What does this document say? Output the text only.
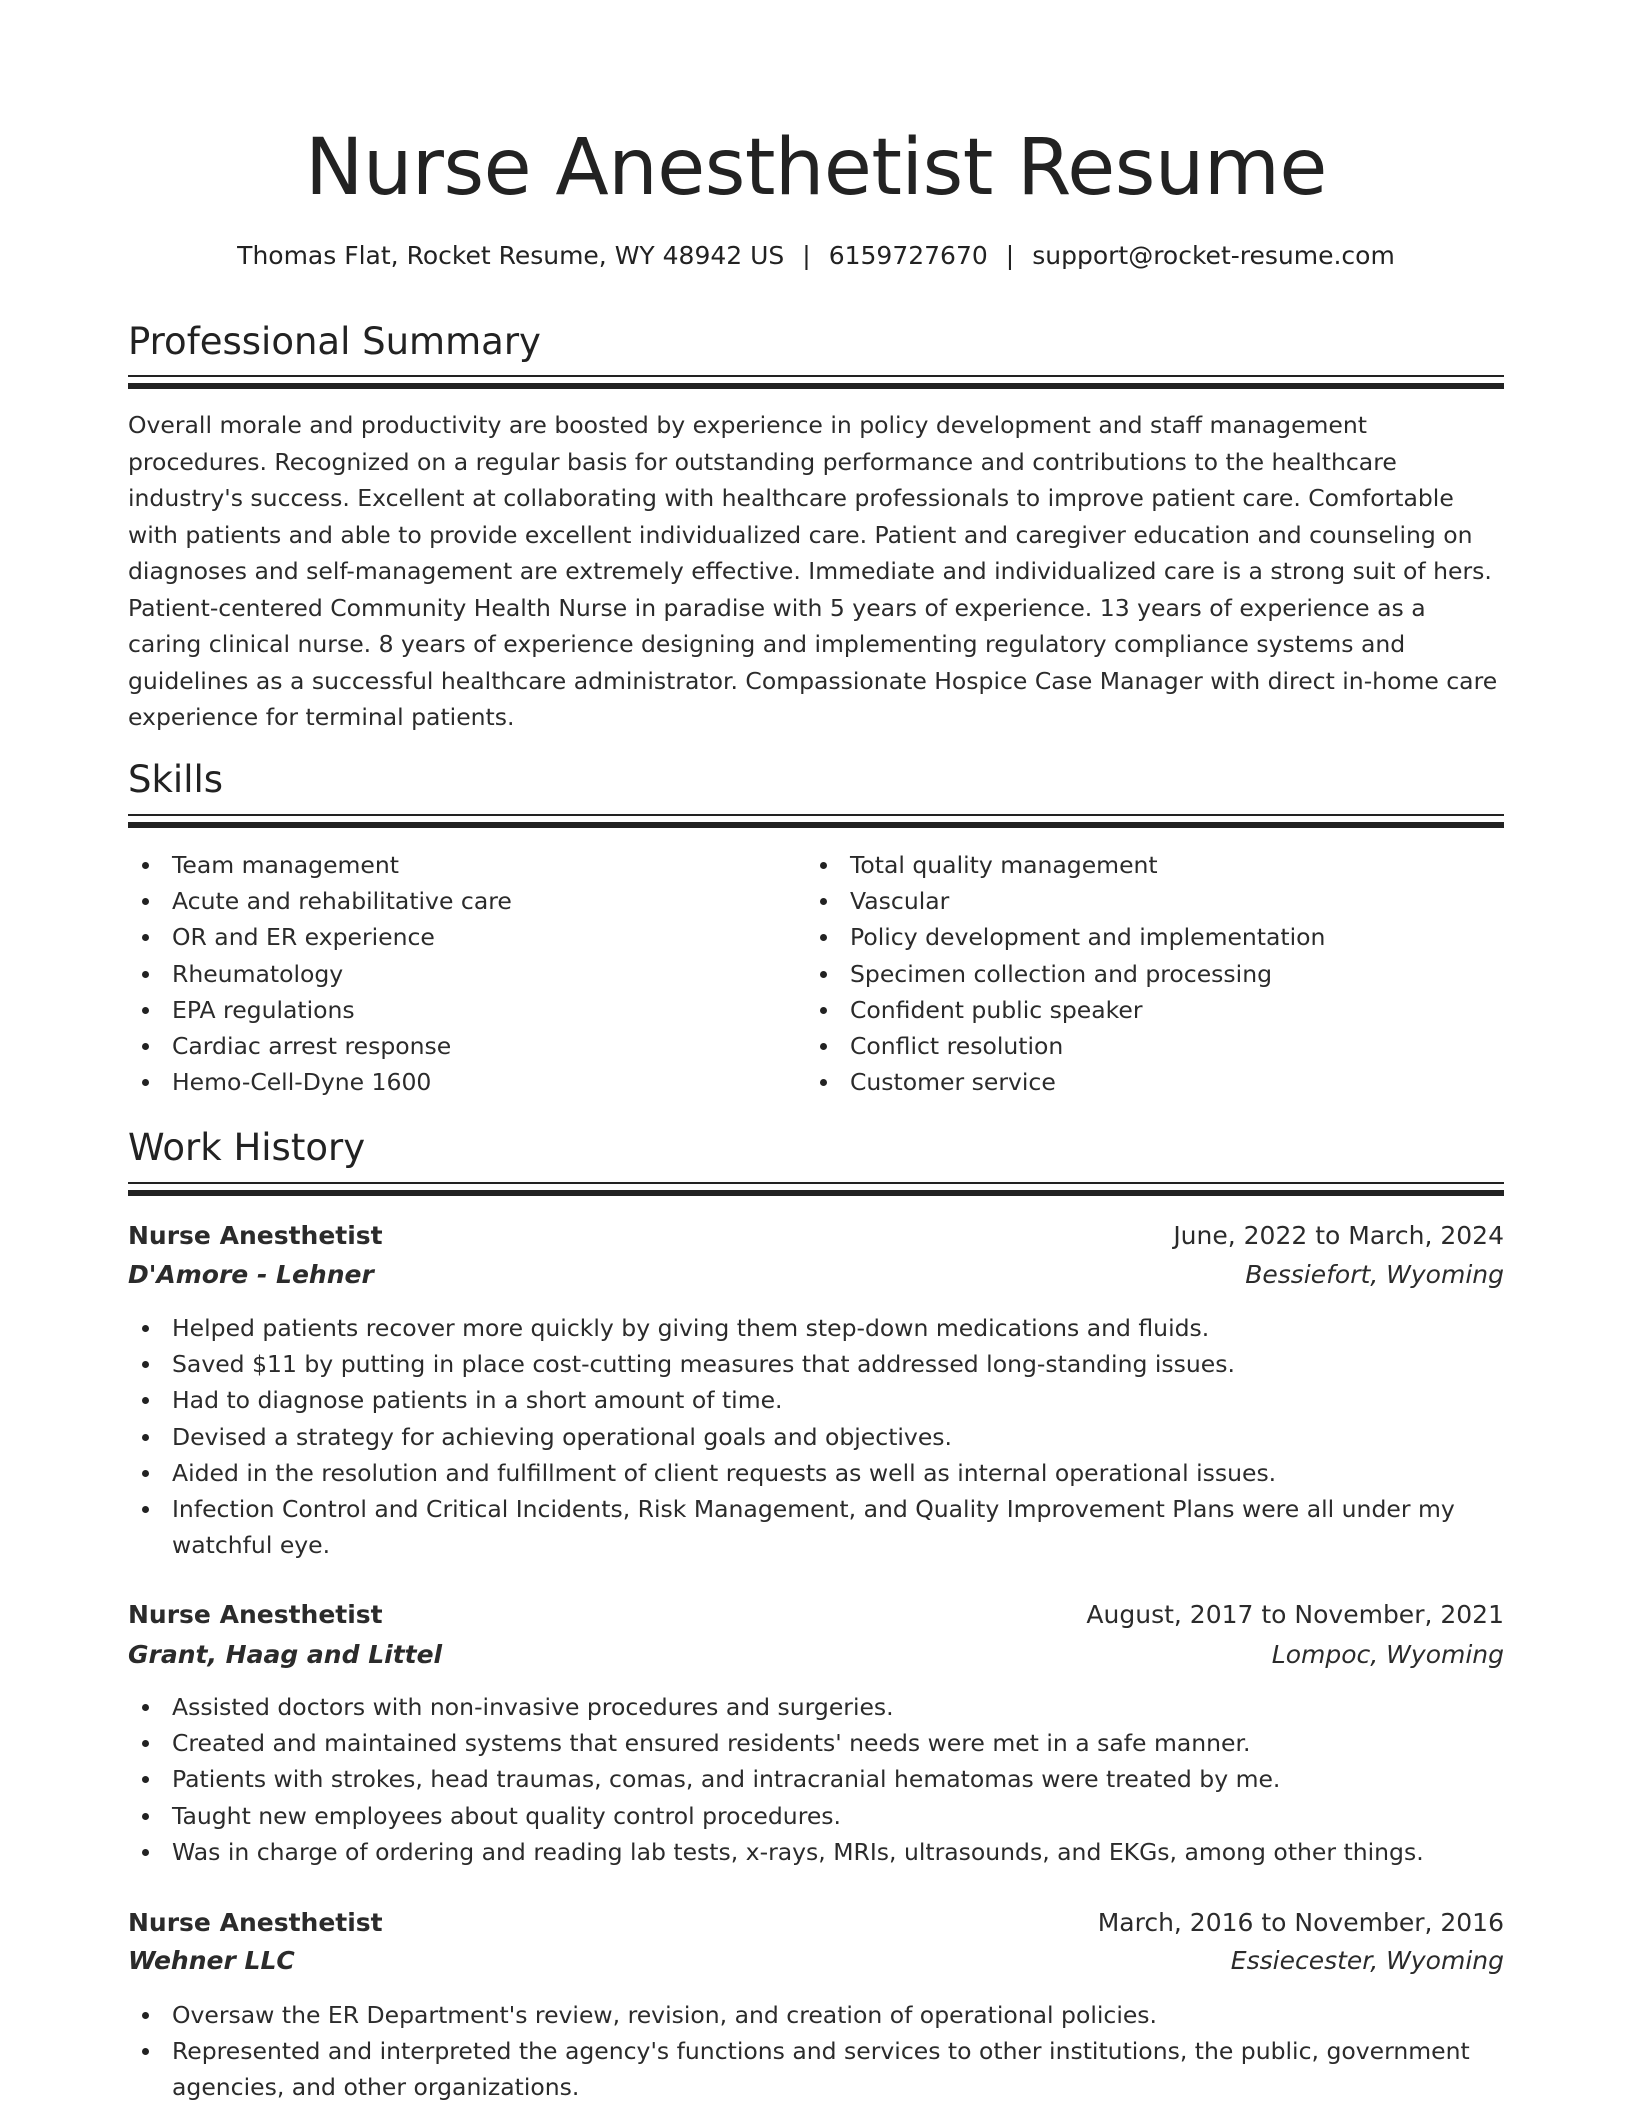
Nurse Anesthetist Resume
Thomas Flat, Rocket Resume, WY 48942 US | 6159727670 | support@rocket-resume.com
Professional Summary

Overall morale and productivity are boosted by experience in policy development and staff management procedures. Recognized on a regular basis for outstanding performance and contributions to the healthcare industry's success. Excellent at collaborating with healthcare professionals to improve patient care. Comfortable with patients and able to provide excellent individualized care. Patient and caregiver education and counseling on diagnoses and self-management are extremely effective. Immediate and individualized care is a strong suit of hers. Patient-centered Community Health Nurse in paradise with 5 years of experience. 13 years of experience as a caring clinical nurse. 8 years of experience designing and implementing regulatory compliance systems and guidelines as a successful healthcare administrator. Compassionate Hospice Case Manager with direct in-home care experience for terminal patients.

Skills
Team management
Acute and rehabilitative care
OR and ER experience
Rheumatology
EPA regulations
Cardiac arrest response
Hemo-Cell-Dyne 1600
Total quality management
Vascular
Policy development and implementation
Specimen collection and processing
Confident public speaker
Conflict resolution
Customer service
Work History
Nurse Anesthetist	June, 2022 to March, 2024
D'Amore - Lehner	Bessiefort, Wyoming
Helped patients recover more quickly by giving them step-down medications and fluids.
Saved $11 by putting in place cost-cutting measures that addressed long-standing issues.
Had to diagnose patients in a short amount of time.
Devised a strategy for achieving operational goals and objectives.
Aided in the resolution and fulfillment of client requests as well as internal operational issues.
Infection Control and Critical Incidents, Risk Management, and Quality Improvement Plans were all under my watchful eye.
Nurse Anesthetist	August, 2017 to November, 2021
Grant, Haag and Littel	Lompoc, Wyoming
Assisted doctors with non-invasive procedures and surgeries.
Created and maintained systems that ensured residents' needs were met in a safe manner.
Patients with strokes, head traumas, comas, and intracranial hematomas were treated by me.
Taught new employees about quality control procedures.
Was in charge of ordering and reading lab tests, x-rays, MRIs, ultrasounds, and EKGs, among other things.
Nurse Anesthetist	March, 2016 to November, 2016
Wehner LLC	Essiecester, Wyoming
Oversaw the ER Department's review, revision, and creation of operational policies.
Represented and interpreted the agency's functions and services to other institutions, the public, government agencies, and other organizations.
